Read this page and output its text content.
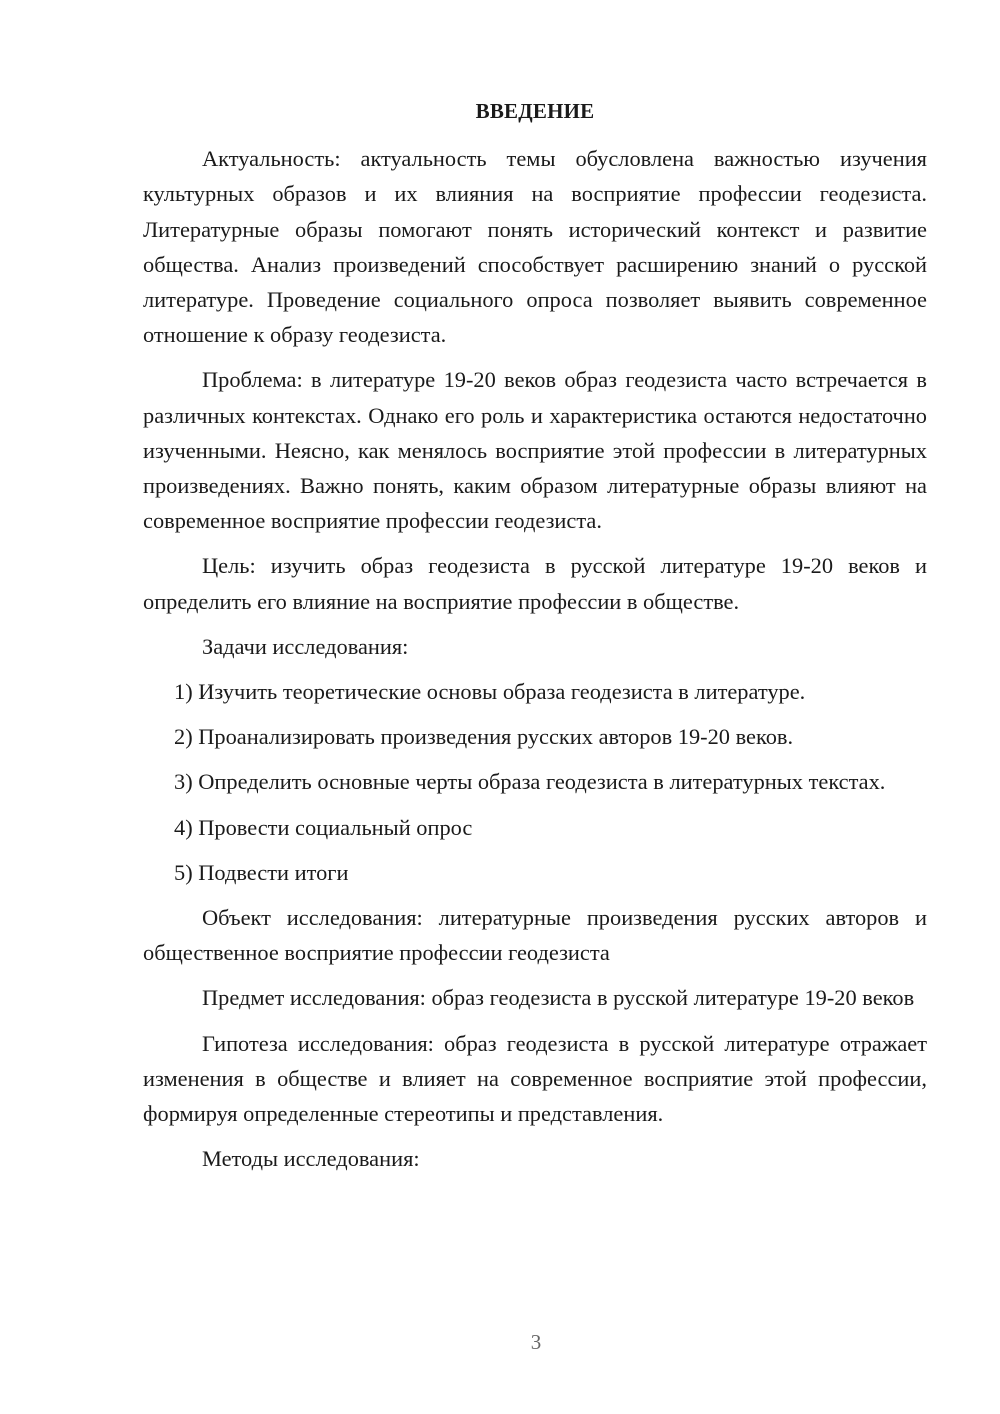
ВВЕДЕНИЕ

Актуальность: актуальность темы обусловлена важностью изучения культурных образов и их влияния на восприятие профессии геодезиста. Литературные образы помогают понять исторический контекст и развитие общества. Анализ произведений способствует расширению знаний о русской литературе. Проведение социального опроса позволяет выявить современное отношение к образу геодезиста.

Проблема: в литературе 19-20 веков образ геодезиста часто встречается в различных контекстах. Однако его роль и характеристика остаются недостаточно изученными. Неясно, как менялось восприятие этой профессии в литературных произведениях. Важно понять, каким образом литературные образы влияют на современное восприятие профессии геодезиста.

Цель: изучить образ геодезиста в русской литературе 19-20 веков и определить его влияние на восприятие профессии в обществе.

Задачи исследования:

1) Изучить теоретические основы образа геодезиста в литературе.

2) Проанализировать произведения русских авторов 19-20 веков.

3) Определить основные черты образа геодезиста в литературных текстах.

4) Провести социальный опрос

5) Подвести итоги

Объект исследования: литературные произведения русских авторов и общественное восприятие профессии геодезиста

Предмет исследования: образ геодезиста в русской литературе 19-20 веков

Гипотеза исследования: образ геодезиста в русской литературе отражает изменения в обществе и влияет на современное восприятие этой профессии, формируя определенные стереотипы и представления.

Методы исследования:

3
